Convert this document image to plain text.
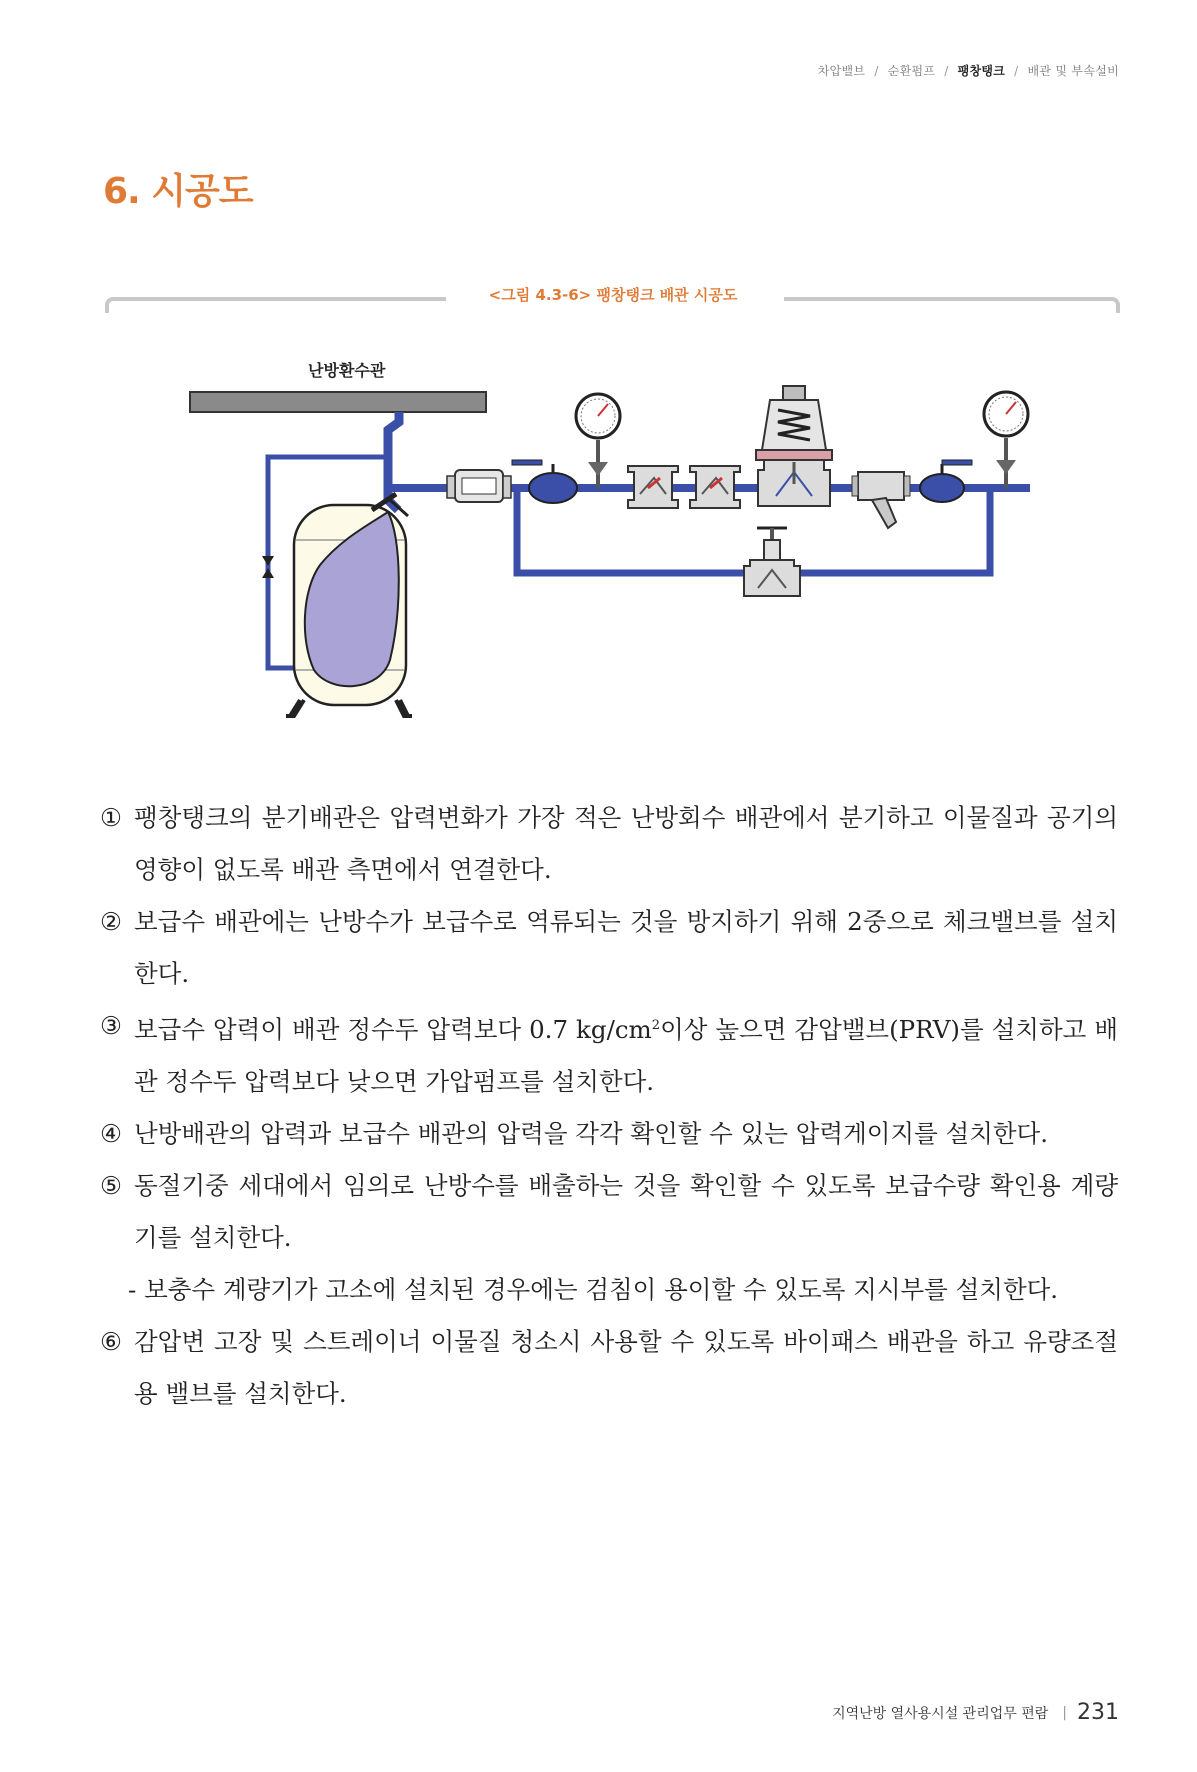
차압밸브 / 순환펌프 / 팽창탱크 / 배관 및 부속설비
6. 시공도
<그림 4.3-6> 팽창탱크 배관 시공도
난방환수관
① 팽창탱크의 분기배관은 압력변화가 가장 적은 난방회수 배관에서 분기하고 이물질과 공기의 영향이 없도록 배관 측면에서 연결한다.
② 보급수 배관에는 난방수가 보급수로 역류되는 것을 방지하기 위해 2중으로 체크밸브를 설치한다.
③ 보급수 압력이 배관 정수두 압력보다 0.7 $kg/cm^2$이상 높으면 감압밸브(PRV)를 설치하고 배관 정수두 압력보다 낮으면 가압펌프를 설치한다.
④ 난방배관의 압력과 보급수 배관의 압력을 각각 확인할 수 있는 압력게이지를 설치한다.
⑤ 동절기중 세대에서 임의로 난방수를 배출하는 것을 확인할 수 있도록 보급수량 확인용 계량기를 설치한다.
- 보충수 계량기가 고소에 설치된 경우에는 검침이 용이할 수 있도록 지시부를 설치한다.
⑥ 감압변 고장 및 스트레이너 이물질 청소시 사용할 수 있도록 바이패스 배관을 하고 유량조절용 밸브를 설치한다.
지역난방 열사용시설 관리업무 편람 | 231
